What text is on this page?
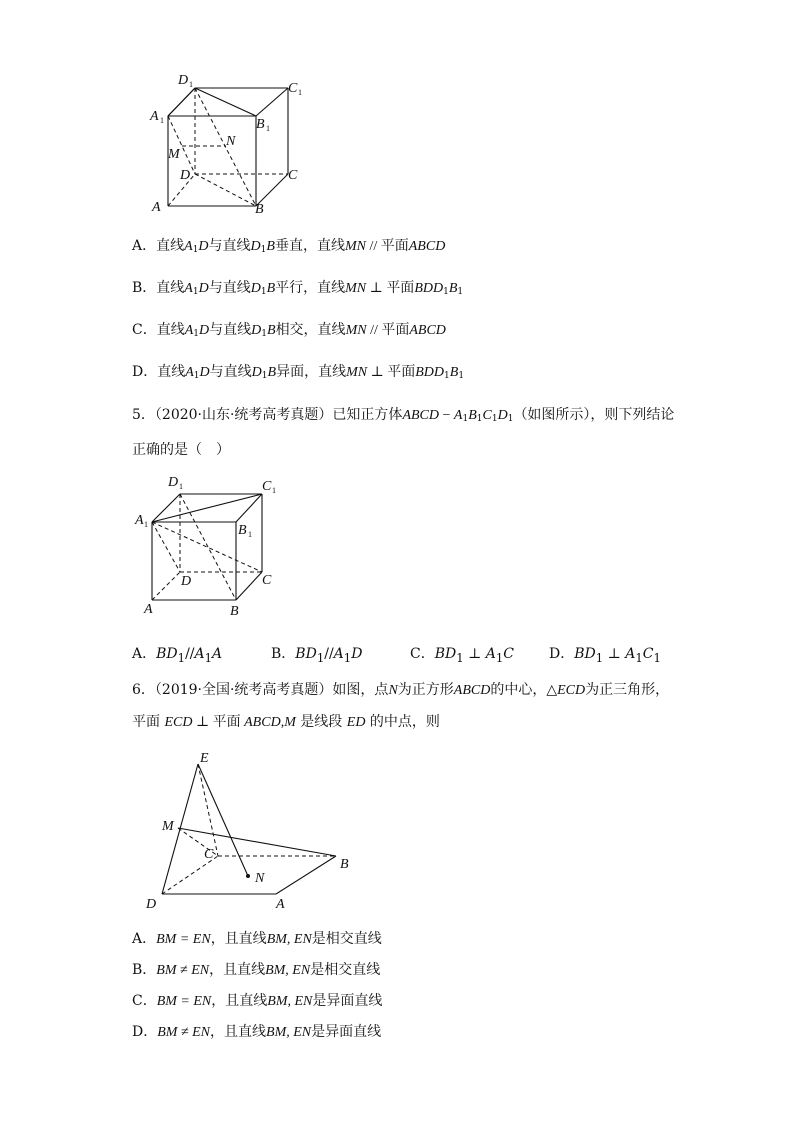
D 1	C 1
A 1	B 1
N
M
D	C
A	B
A．直线$A_1D$与直线$D_1B$垂直，直线MN // 平面ABCD
B．直线$A_1D$与直线$D_1B$平行，直线MN ⊥ 平面$BDD_1B_1$
C．直线$A_1D$与直线$D_1B$相交，直线MN // 平面ABCD
D．直线$A_1D$与直线$D_1B$异面，直线MN ⊥ 平面$BDD_1B_1$
5．（2020·山东·统考高考真题）已知正方体ABCD − $A_1B_1C_1D_1$（如图所示），则下列结论
正确的是（　）
D 1	C 1
A 1	B 1
D	C
A	B
A．$BD_1//A_1A$	B．$BD_1//A_1D$	C．$BD_1$ ⊥ $A_1C$	D．$BD_1$ ⊥ $A_1C_1$
6．（2019·全国·统考高考真题）如图，点N为正方形ABCD的中心，△ECD为正三角形，
平面 ECD ⊥ 平面 ABCD,M 是线段 ED 的中点，则
E
M
C
B
N
D	A
A．BM = EN，且直线BM, EN是相交直线
B．BM ≠ EN，且直线BM, EN是相交直线
C．BM = EN，且直线BM, EN是异面直线
D．BM ≠ EN，且直线BM, EN是异面直线
